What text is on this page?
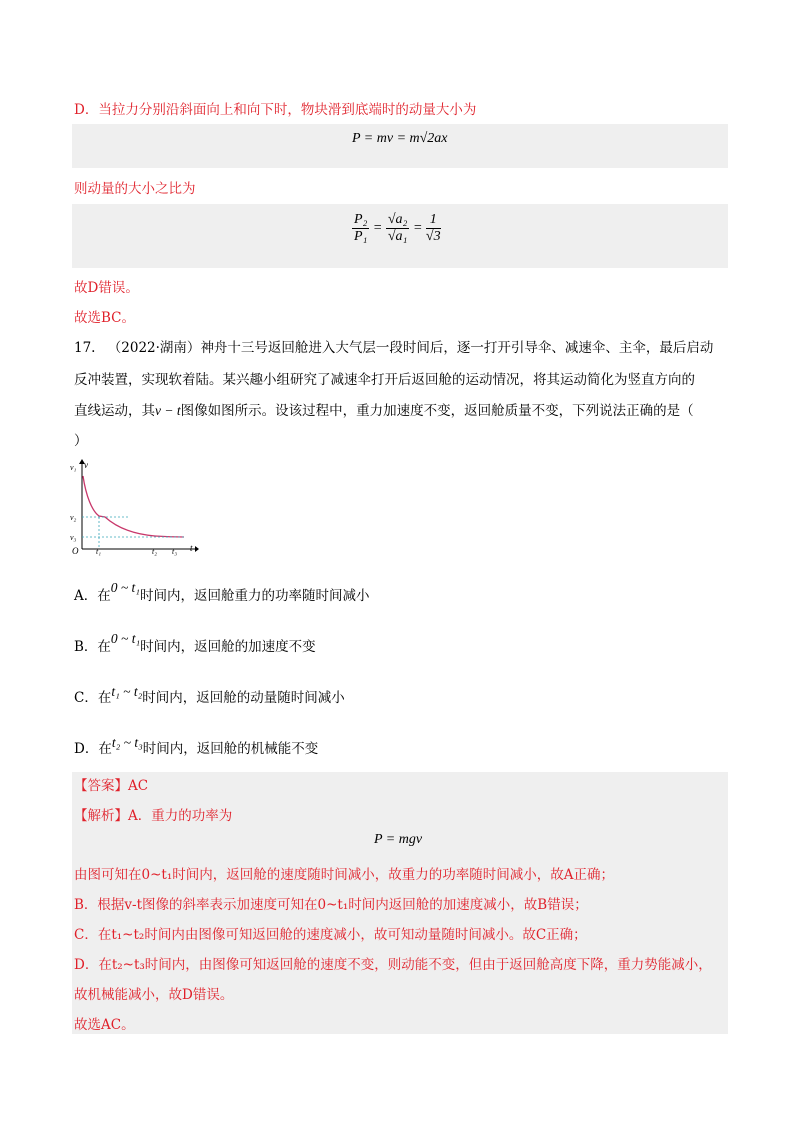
D．当拉力分别沿斜面向上和向下时，物块滑到底端时的动量大小为
P = mv = m√2ax
则动量的大小之比为
$\frac{\text{P₂}}{\text{P₁}} = \frac{\text{√a₂}}{\text{√a₁}} = \frac{1}{√3}$
故D错误。
故选BC。
17. （2022·湖南）神舟十三号返回舱进入大气层一段时间后，逐一打开引导伞、减速伞、主伞，最后启动
反冲装置，实现软着陆。某兴趣小组研究了减速伞打开后返回舱的运动情况，将其运动简化为竖直方向的
直线运动，其v − t图像如图所示。设该过程中，重力加速度不变，返回舱质量不变，下列说法正确的是（
）
v₁ v
v₂
v₃
O t₁	t₂ t₃ t
A．在0 ~ t₁时间内，返回舱重力的功率随时间减小
B．在0 ~ t₁时间内，返回舱的加速度不变
C．在t₁ ~ t₂时间内，返回舱的动量随时间减小
D．在t₂ ~ t₃时间内，返回舱的机械能不变
【答案】AC
【解析】A．重力的功率为
P = mgv
由图可知在0~t₁时间内，返回舱的速度随时间减小，故重力的功率随时间减小，故A正确；
B．根据v-t图像的斜率表示加速度可知在0~t₁时间内返回舱的加速度减小，故B错误；
C．在t₁~t₂时间内由图像可知返回舱的速度减小，故可知动量随时间减小。故C正确；
D．在t₂~t₃时间内，由图像可知返回舱的速度不变，则动能不变，但由于返回舱高度下降，重力势能减小，
故机械能减小，故D错误。
故选AC。
